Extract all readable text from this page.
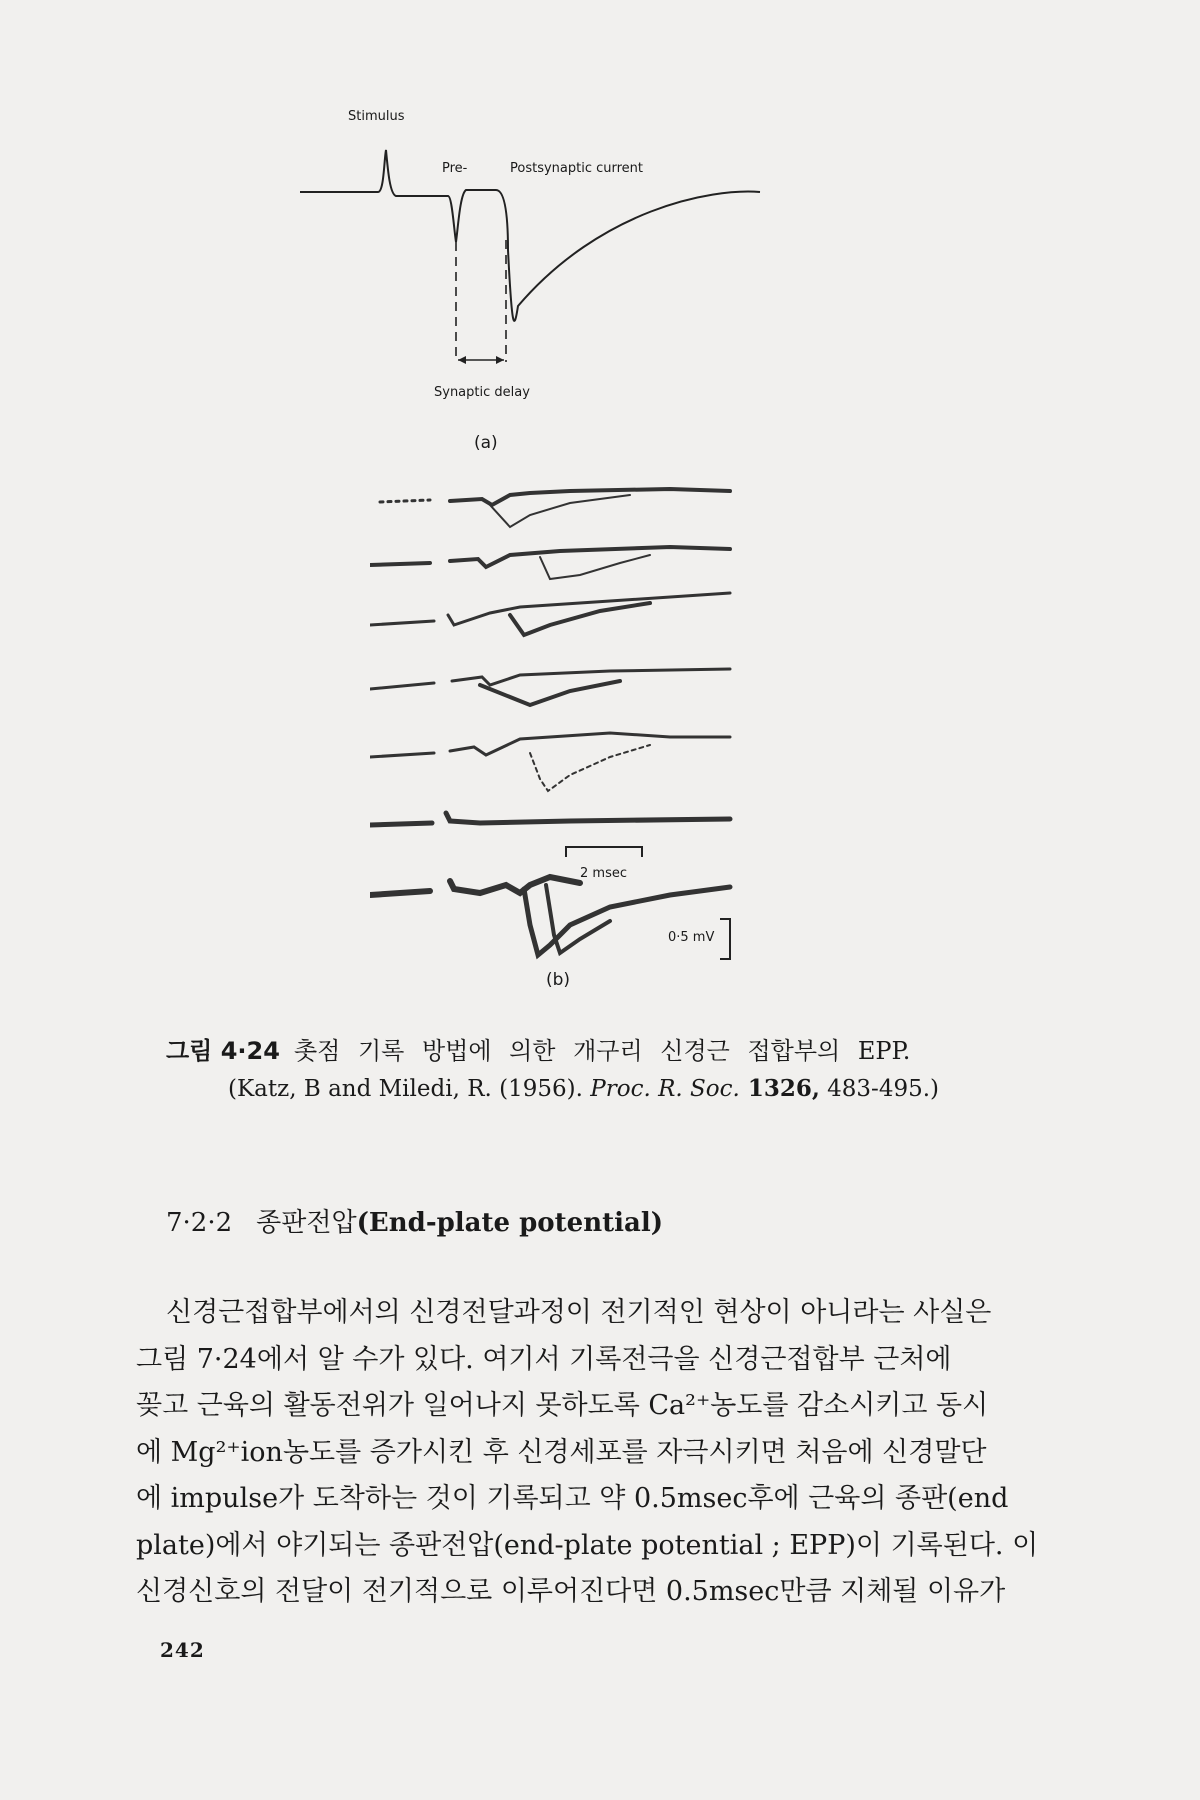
Stimulus
Pre-	Postsynaptic current
Synaptic delay
(a)
2 msec
0·5 mV
(b)
그림 4·24 촛점 기록 방법에 의한 개구리 신경근 접합부의 EPP.
(Katz, B and Miledi, R. (1956). Proc. R. Soc. 1326, 483-495.)
7·2·2 종판전압(End-plate potential)

신경근접합부에서의 신경전달과정이 전기적인 현상이 아니라는 사실은

그림 7·24에서 알 수가 있다. 여기서 기록전극을 신경근접합부 근처에

꽂고 근육의 활동전위가 일어나지 못하도록 Ca²⁺농도를 감소시키고 동시

에 Mg²⁺ion농도를 증가시킨 후 신경세포를 자극시키면 처음에 신경말단

에 impulse가 도착하는 것이 기록되고 약 0.5msec후에 근육의 종판(end

plate)에서 야기되는 종판전압(end-plate potential ; EPP)이 기록된다. 이

신경신호의 전달이 전기적으로 이루어진다면 0.5msec만큼 지체될 이유가

242
